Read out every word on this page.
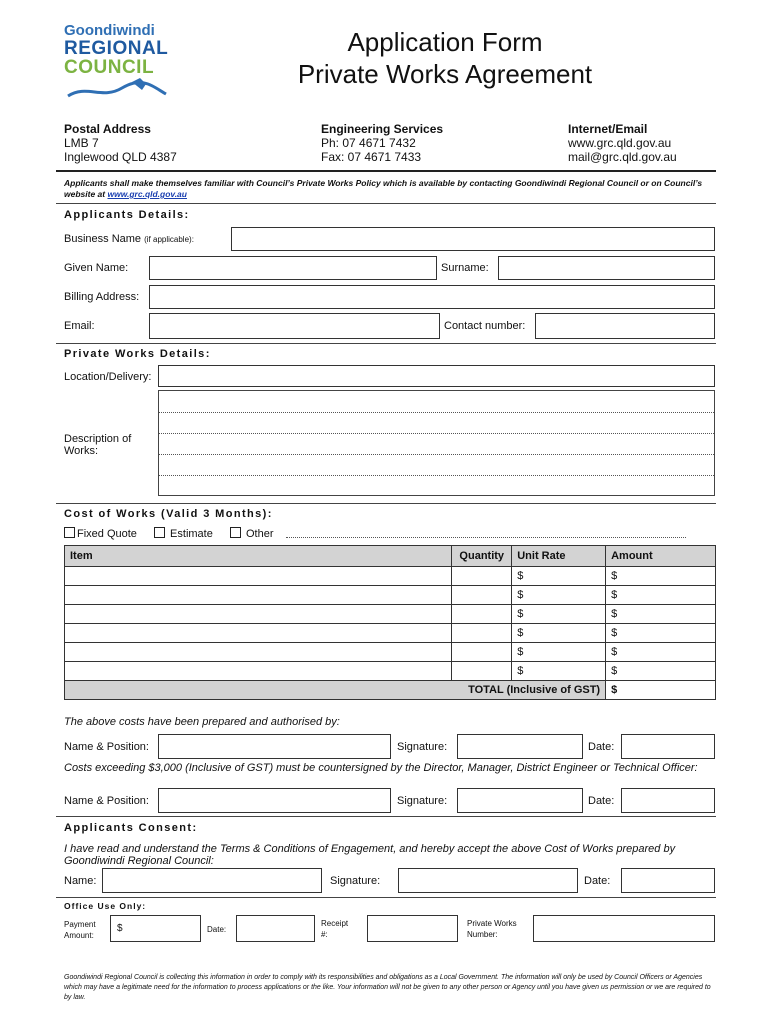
Goondiwindi
REGIONAL
COUNCIL
Application Form
Private Works Agreement
Postal Address
LMB 7
Inglewood QLD 4387
Engineering Services
Ph: 07 4671 7432
Fax: 07 4671 7433
Internet/Email
www.grc.qld.gov.au
mail@grc.qld.gov.au
Applicants shall make themselves familiar with Council’s Private Works Policy which is available by contacting Goondiwindi Regional Council or on Council’s website at www.grc.qld.gov.au
Applicants Details:
Business Name (if applicable):
Given Name:	Surname:
Billing Address:
Email:	Contact number:
Private Works Details:
Location/Delivery:
Description of Works:
Cost of Works (Valid 3 Months):
Fixed Quote	Estimate	Other
Item	Quantity	Unit Rate	Amount
		$	$
		$	$
		$	$
		$	$
		$	$
		$	$
TOTAL (Inclusive of GST)			$
The above costs have been prepared and authorised by:
Name & Position:	Signature:	Date:
Costs exceeding $3,000 (Inclusive of GST) must be countersigned by the Director, Manager, District Engineer or Technical Officer:
Name & Position:	Signature:	Date:
Applicants Consent:
I have read and understand the Terms & Conditions of Engagement, and hereby accept the above Cost of Works prepared by Goondiwindi Regional Council:
Name:	Signature:	Date:
Office Use Only:
Payment Amount:
$	Date:
Receipt #:
Private Works Number:
Goondiwindi Regional Council is collecting this information in order to comply with its responsibilities and obligations as a Local Government. The information will only be used by Council Officers or Agencies which may have a legitimate need for the information to process applications or the like. Your information will not be given to any other person or Agency until you have given us permission or we are required to by law.
